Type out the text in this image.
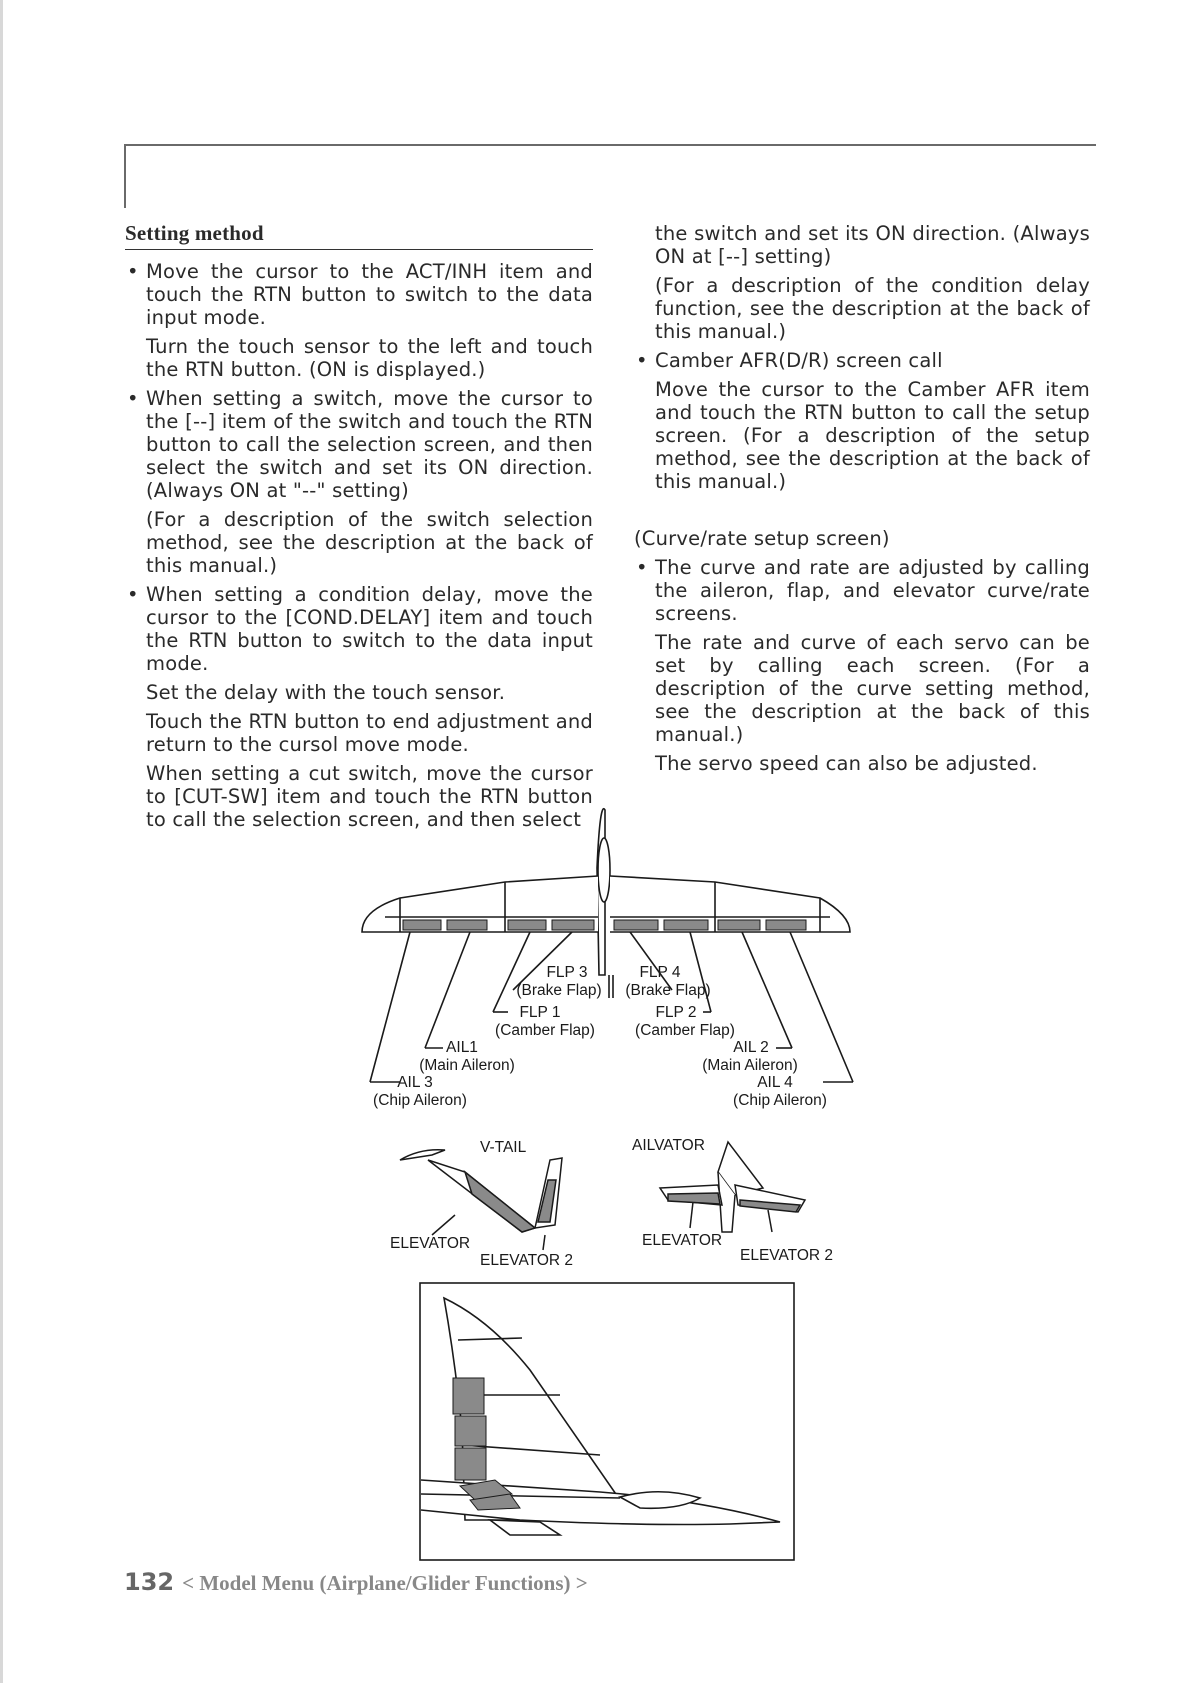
Setting method

• Move the cursor to the ACT/INH item and touch the RTN button to switch to the data input mode.

Turn the touch sensor to the left and touch the RTN button. (ON is displayed.)

• When setting a switch, move the cursor to the [--] item of the switch and touch the RTN button to call the selection screen, and then select the switch and set its ON direction. (Always ON at "--" setting)

(For a description of the switch selection method, see the description at the back of this manual.)

• When setting a condition delay, move the cursor to the [COND.DELAY] item and touch the RTN button to switch to the data input mode.

Set the delay with the touch sensor.

Touch the RTN button to end adjustment and return to the cursol move mode.

When setting a cut switch, move the cursor to [CUT-SW] item and touch the RTN button to call the selection screen, and then select

the switch and set its ON direction. (Always ON at [--] setting)

(For a description of the condition delay function, see the description at the back of this manual.)

• Camber AFR(D/R) screen call

Move the cursor to the Camber AFR item and touch the RTN button to call the setup screen. (For a description of the setup method, see the description at the back of this manual.)

(Curve/rate setup screen)

• The curve and rate are adjusted by calling the aileron, flap, and elevator curve/rate screens.

The rate and curve of each servo can be set by calling each screen. (For a description of the curve setting method, see the description at the back of this manual.)

The servo speed can also be adjusted.

FLP 3
(Brake Flap)
FLP 4
(Brake Flap)
FLP 1
(Camber Flap)
FLP 2
(Camber Flap)
AIL1
(Main Aileron)
AIL 2
(Main Aileron)
AIL 3
(Chip Aileron)
AIL 4
(Chip Aileron)
V-TAIL
ELEVATOR
ELEVATOR 2
AILVATOR
ELEVATOR
ELEVATOR 2
132 < Model Menu (Airplane/Glider Functions) >
